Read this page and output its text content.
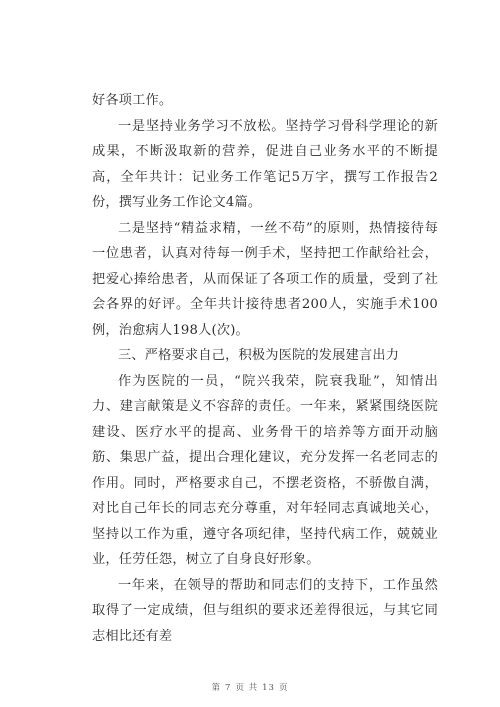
好各项工作。

一是坚持业务学习不放松。坚持学习骨科学理论的新成果，不断汲取新的营养，促进自己业务水平的不断提高，全年共计：记业务工作笔记5万字，撰写工作报告2份，撰写业务工作论文4篇。

二是坚持“精益求精，一丝不苟”的原则，热情接待每一位患者，认真对待每一例手术，坚持把工作献给社会，把爱心捧给患者，从而保证了各项工作的质量，受到了社会各界的好评。全年共计接待患者200人，实施手术100例，治愈病人198人(次)。

三、严格要求自己，积极为医院的发展建言出力

作为医院的一员，“院兴我荣，院衰我耻”，知情出力、建言献策是义不容辞的责任。一年来，紧紧围绕医院建设、医疗水平的提高、业务骨干的培养等方面开动脑筋、集思广益，提出合理化建议，充分发挥一名老同志的作用。同时，严格要求自己，不摆老资格，不骄傲自满，对比自己年长的同志充分尊重，对年轻同志真诚地关心，坚持以工作为重，遵守各项纪律，坚持代病工作，兢兢业业，任劳任怨，树立了自身良好形象。

一年来，在领导的帮助和同志们的支持下，工作虽然取得了一定成绩，但与组织的要求还差得很远，与其它同志相比还有差

第 7 页 共 13 页
